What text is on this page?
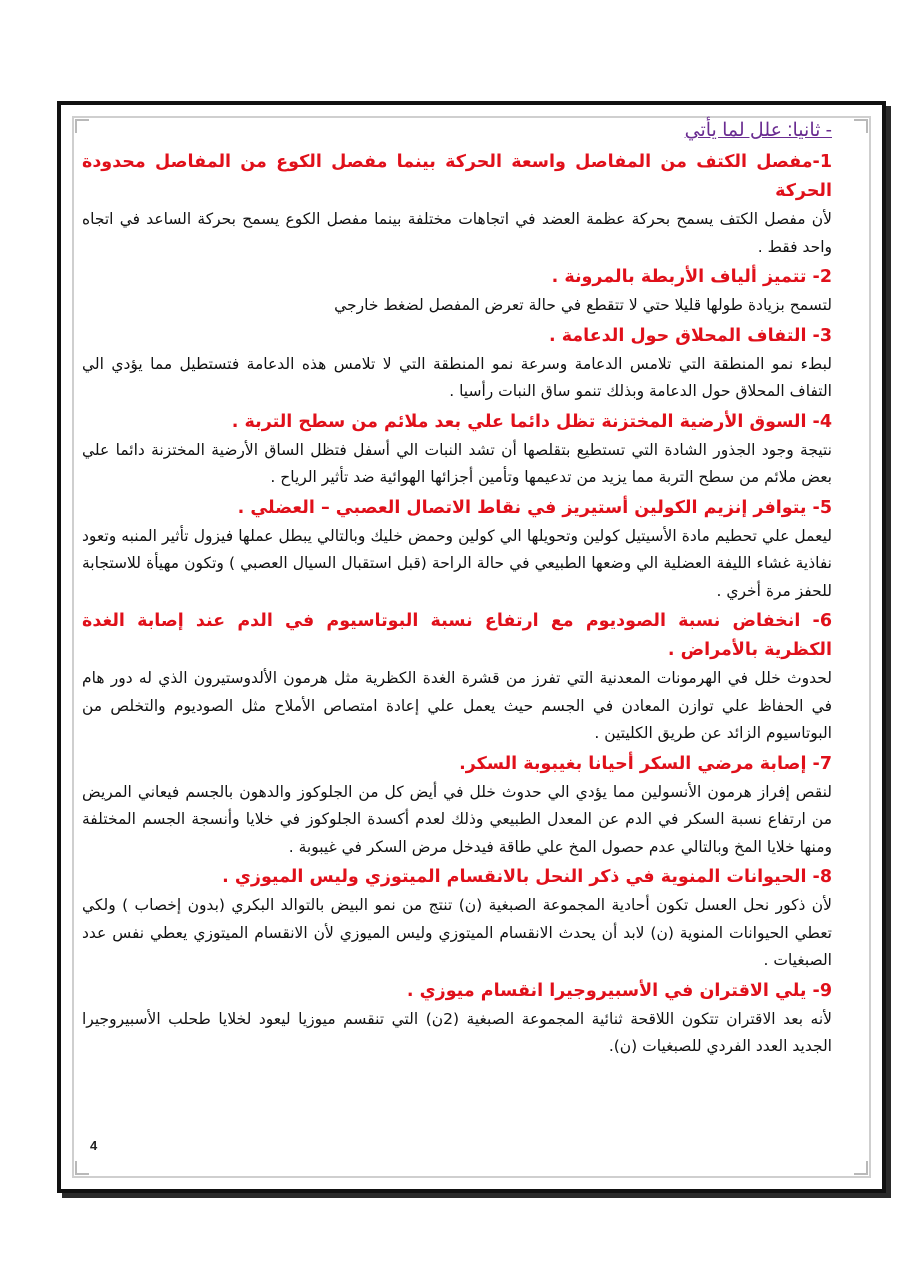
- ثانيا: علل لما يأتي

1-مفصل الكتف من المفاصل واسعة الحركة بينما مفصل الكوع من المفاصل محدودة الحركة

لأن مفصل الكتف يسمح بحركة عظمة العضد في اتجاهات مختلفة بينما مفصل الكوع يسمح بحركة الساعد في اتجاه واحد فقط .

2- تتميز ألياف الأربطة بالمرونة .

لتسمح بزيادة طولها قليلا حتي لا تتقطع في حالة تعرض المفصل لضغط خارجي

3- التفاف المحلاق حول الدعامة .

لبطء نمو المنطقة التي تلامس الدعامة وسرعة نمو المنطقة التي لا تلامس هذه الدعامة فتستطيل مما يؤدي الي التفاف المحلاق حول الدعامة وبذلك تنمو ساق النبات رأسيا .

4- السوق الأرضية المختزنة تظل دائما علي بعد ملائم من سطح التربة .

نتيجة وجود الجذور الشادة التي تستطيع بتقلصها أن تشد النبات الي أسفل فتظل الساق الأرضية المختزنة دائما علي بعض ملائم من سطح التربة مما يزيد من تدعيمها وتأمين أجزائها الهوائية ضد تأثير الرياح .

5- يتوافر إنزيم الكولين أستيريز في نقاط الاتصال العصبي – العضلي .

ليعمل علي تحطيم مادة الأسيتيل كولين وتحويلها الي كولين وحمض خليك وبالتالي يبطل عملها فيزول تأثير المنبه وتعود نفاذية غشاء الليفة العضلية الي وضعها الطبيعي في حالة الراحة (قبل استقبال السيال العصبي ) وتكون مهيأة للاستجابة للحفز مرة أخري .

6- انخفاض نسبة الصوديوم مع ارتفاع نسبة البوتاسيوم في الدم عند إصابة الغدة الكظرية بالأمراض .

لحدوث خلل في الهرمونات المعدنية التي تفرز من قشرة الغدة الكظرية مثل هرمون الألدوستيرون الذي له دور هام في الحفاظ علي توازن المعادن في الجسم حيث يعمل علي إعادة امتصاص الأملاح مثل الصوديوم والتخلص من البوتاسيوم الزائد عن طريق الكليتين .

7- إصابة مرضي السكر أحيانا بغيبوبة السكر.

لنقص إفراز هرمون الأنسولين مما يؤدي الي حدوث خلل في أيض كل من الجلوكوز والدهون بالجسم فيعاني المريض من ارتفاع نسبة السكر في الدم عن المعدل الطبيعي وذلك لعدم أكسدة الجلوكوز في خلايا وأنسجة الجسم المختلفة ومنها خلايا المخ وبالتالي عدم حصول المخ علي طاقة فيدخل مرض السكر في غيبوبة .

8- الحيوانات المنوية في ذكر النحل بالانقسام الميتوزي وليس الميوزي .

لأن ذكور نحل العسل تكون أحادية المجموعة الصبغية (ن) تنتج من نمو البيض بالتوالد البكري (بدون إخصاب ) ولكي تعطي الحيوانات المنوية (ن) لابد أن يحدث الانقسام الميتوزي وليس الميوزي لأن الانقسام الميتوزي يعطي نفس عدد الصبغيات .

9- يلي الاقتران في الأسبيروجيرا انقسام ميوزي .

لأنه بعد الاقتران تتكون اللاقحة ثنائية المجموعة الصبغية (2ن) التي تنقسم ميوزيا ليعود لخلايا طحلب الأسبيروجيرا الجديد العدد الفردي للصبغيات (ن).

4
